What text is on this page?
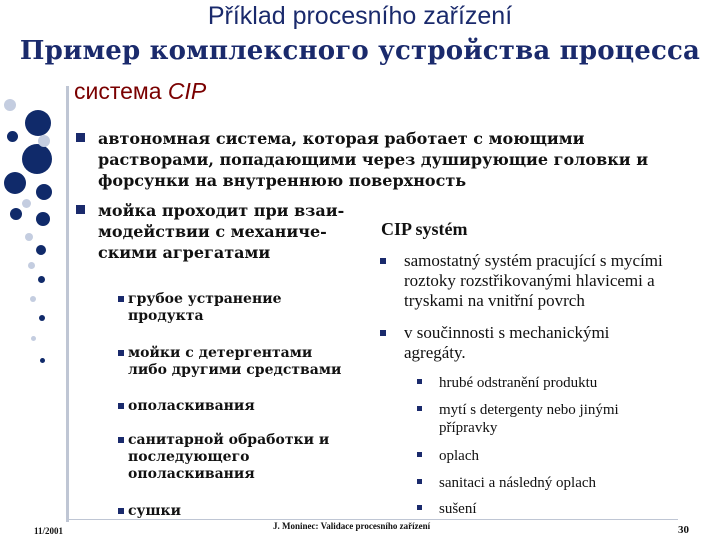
Příklad procesního zařízení
Пример комплексного устройства процесса
система CIP
автономная система, которая работает с моющими
растворами, попадающими через душирующие головки и
форсунки на внутреннюю поверхность
мойка проходит при взаи-
модействии с механиче-
скими агрегатами
грубое устранение
продукта
мойки с детергентами
либо другими средствами
ополаскивания
санитарной обработки и
последующего
ополаскивания
сушки
CIP systém
samostatný systém pracující s mycími
roztoky rozstřikovanými hlavicemi a
tryskami na vnitřní povrch
v součinnosti s mechanickými
agregáty.
hrubé odstranění produktu
mytí s detergenty nebo jinými
přípravky
oplach
sanitaci a následný oplach
sušení
11/2001	J. Moninec: Validace procesního zařízení	30
